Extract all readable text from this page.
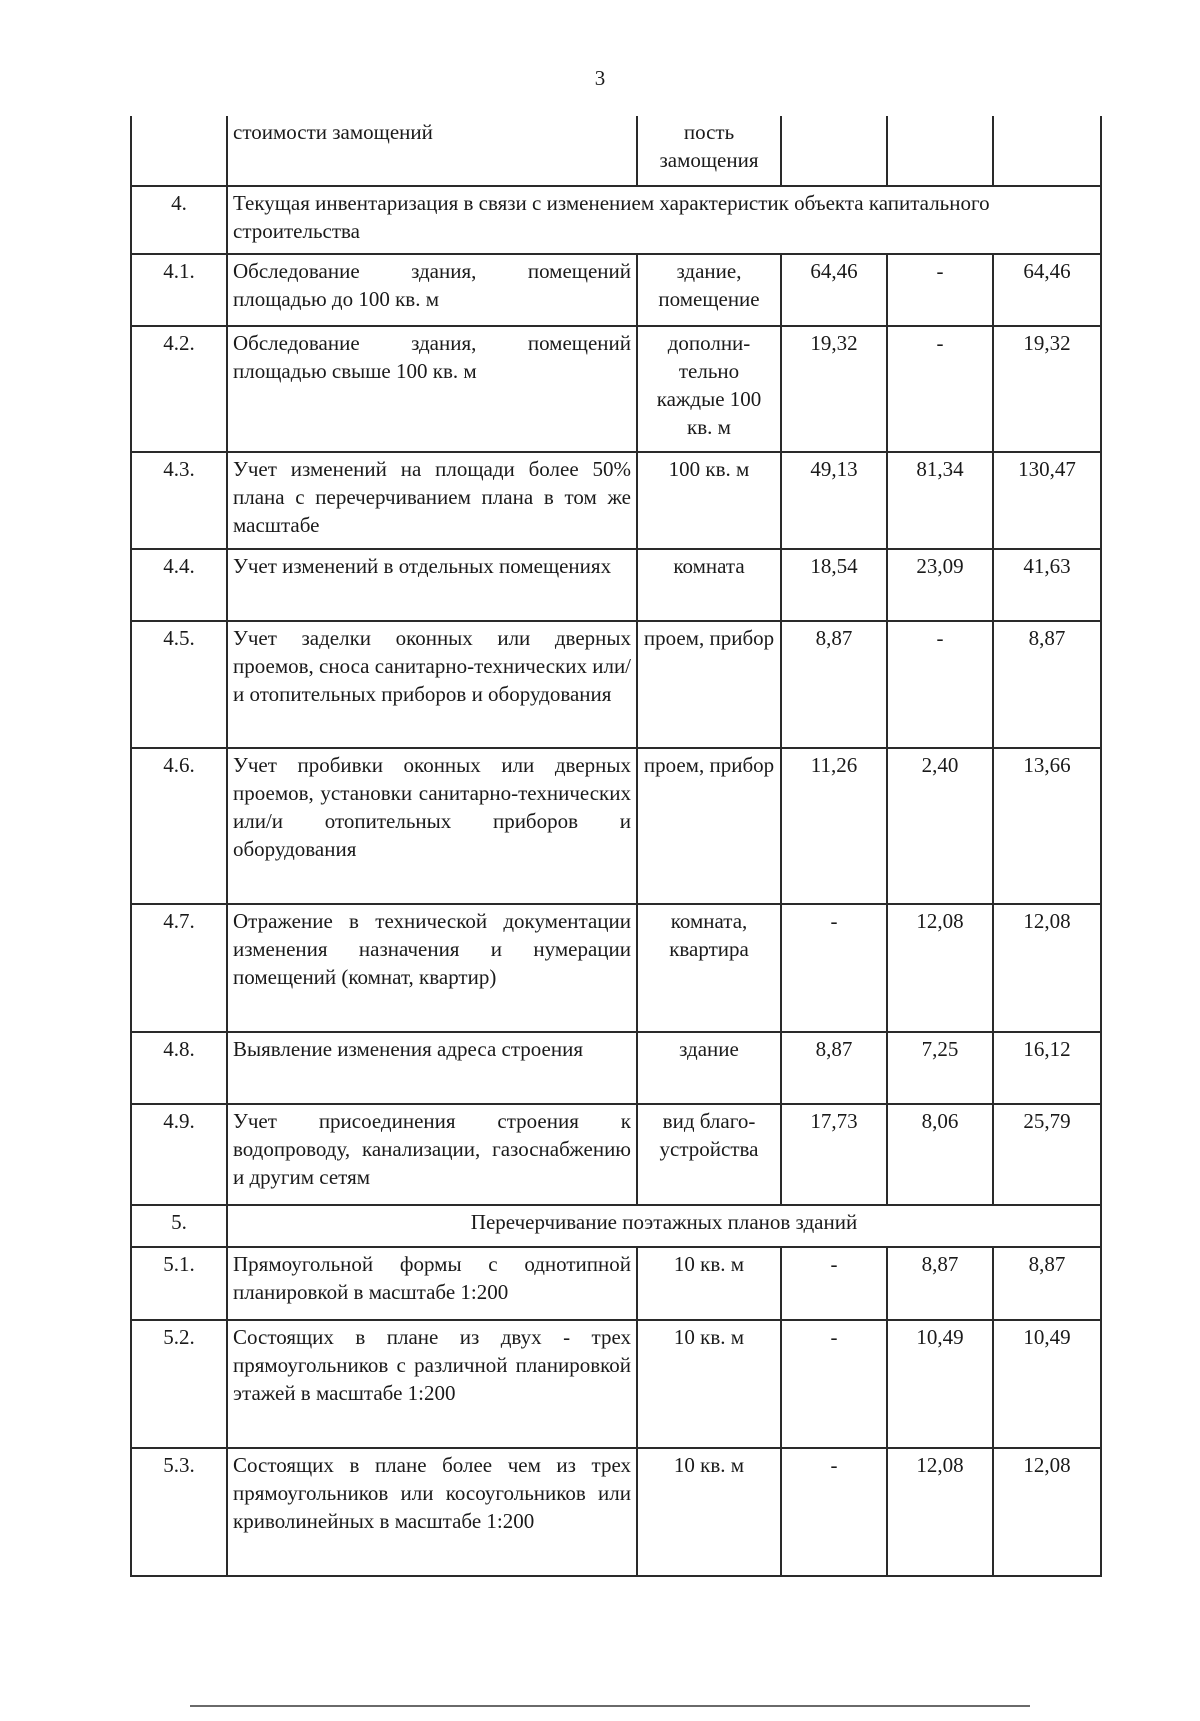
3

	стоимости замощений	пость замощения			

4.	Текущая инвентаризация в связи с изменением характеристик объекта капитального строительства				
4.1.	Обследование здания, помещений площадью до 100 кв. м	здание, помещение	64,46	-	64,46
4.2.	Обследование здания, помещений площадью свыше 100 кв. м	дополни-тельно каждые 100 кв. м	19,32	-	19,32
4.3.	Учет изменений на площади более 50% плана с перечерчиванием плана в том же масштабе	100 кв. м	49,13	81,34	130,47
4.4.	Учет изменений в отдельных помещениях	комната	18,54	23,09	41,63
4.5.	Учет заделки оконных или дверных проемов, сноса санитарно-технических или/и отопительных приборов и оборудования	проем, прибор	8,87	-	8,87
4.6.	Учет пробивки оконных или дверных проемов, установки санитарно-технических или/и отопительных приборов и оборудования	проем, прибор	11,26	2,40	13,66
4.7.	Отражение в технической документации изменения назначения и нумерации помещений (комнат, квартир)	комната, квартира	-	12,08	12,08
4.8.	Выявление изменения адреса строения	здание	8,87	7,25	16,12
4.9.	Учет присоединения строения к водопроводу, канализации, газоснабжению и другим сетям	вид благо-устройства	17,73	8,06	25,79
5.	Перечерчивание поэтажных планов зданий				
5.1.	Прямоугольной формы с однотипной планировкой в масштабе 1:200	10 кв. м	-	8,87	8,87
5.2.	Состоящих в плане из двух - трех прямоугольников с различной планировкой этажей в масштабе 1:200	10 кв. м	-	10,49	10,49
5.3.	Состоящих в плане более чем из трех прямоугольников или косоугольников или криволинейных в масштабе 1:200	10 кв. м	-	12,08	12,08
